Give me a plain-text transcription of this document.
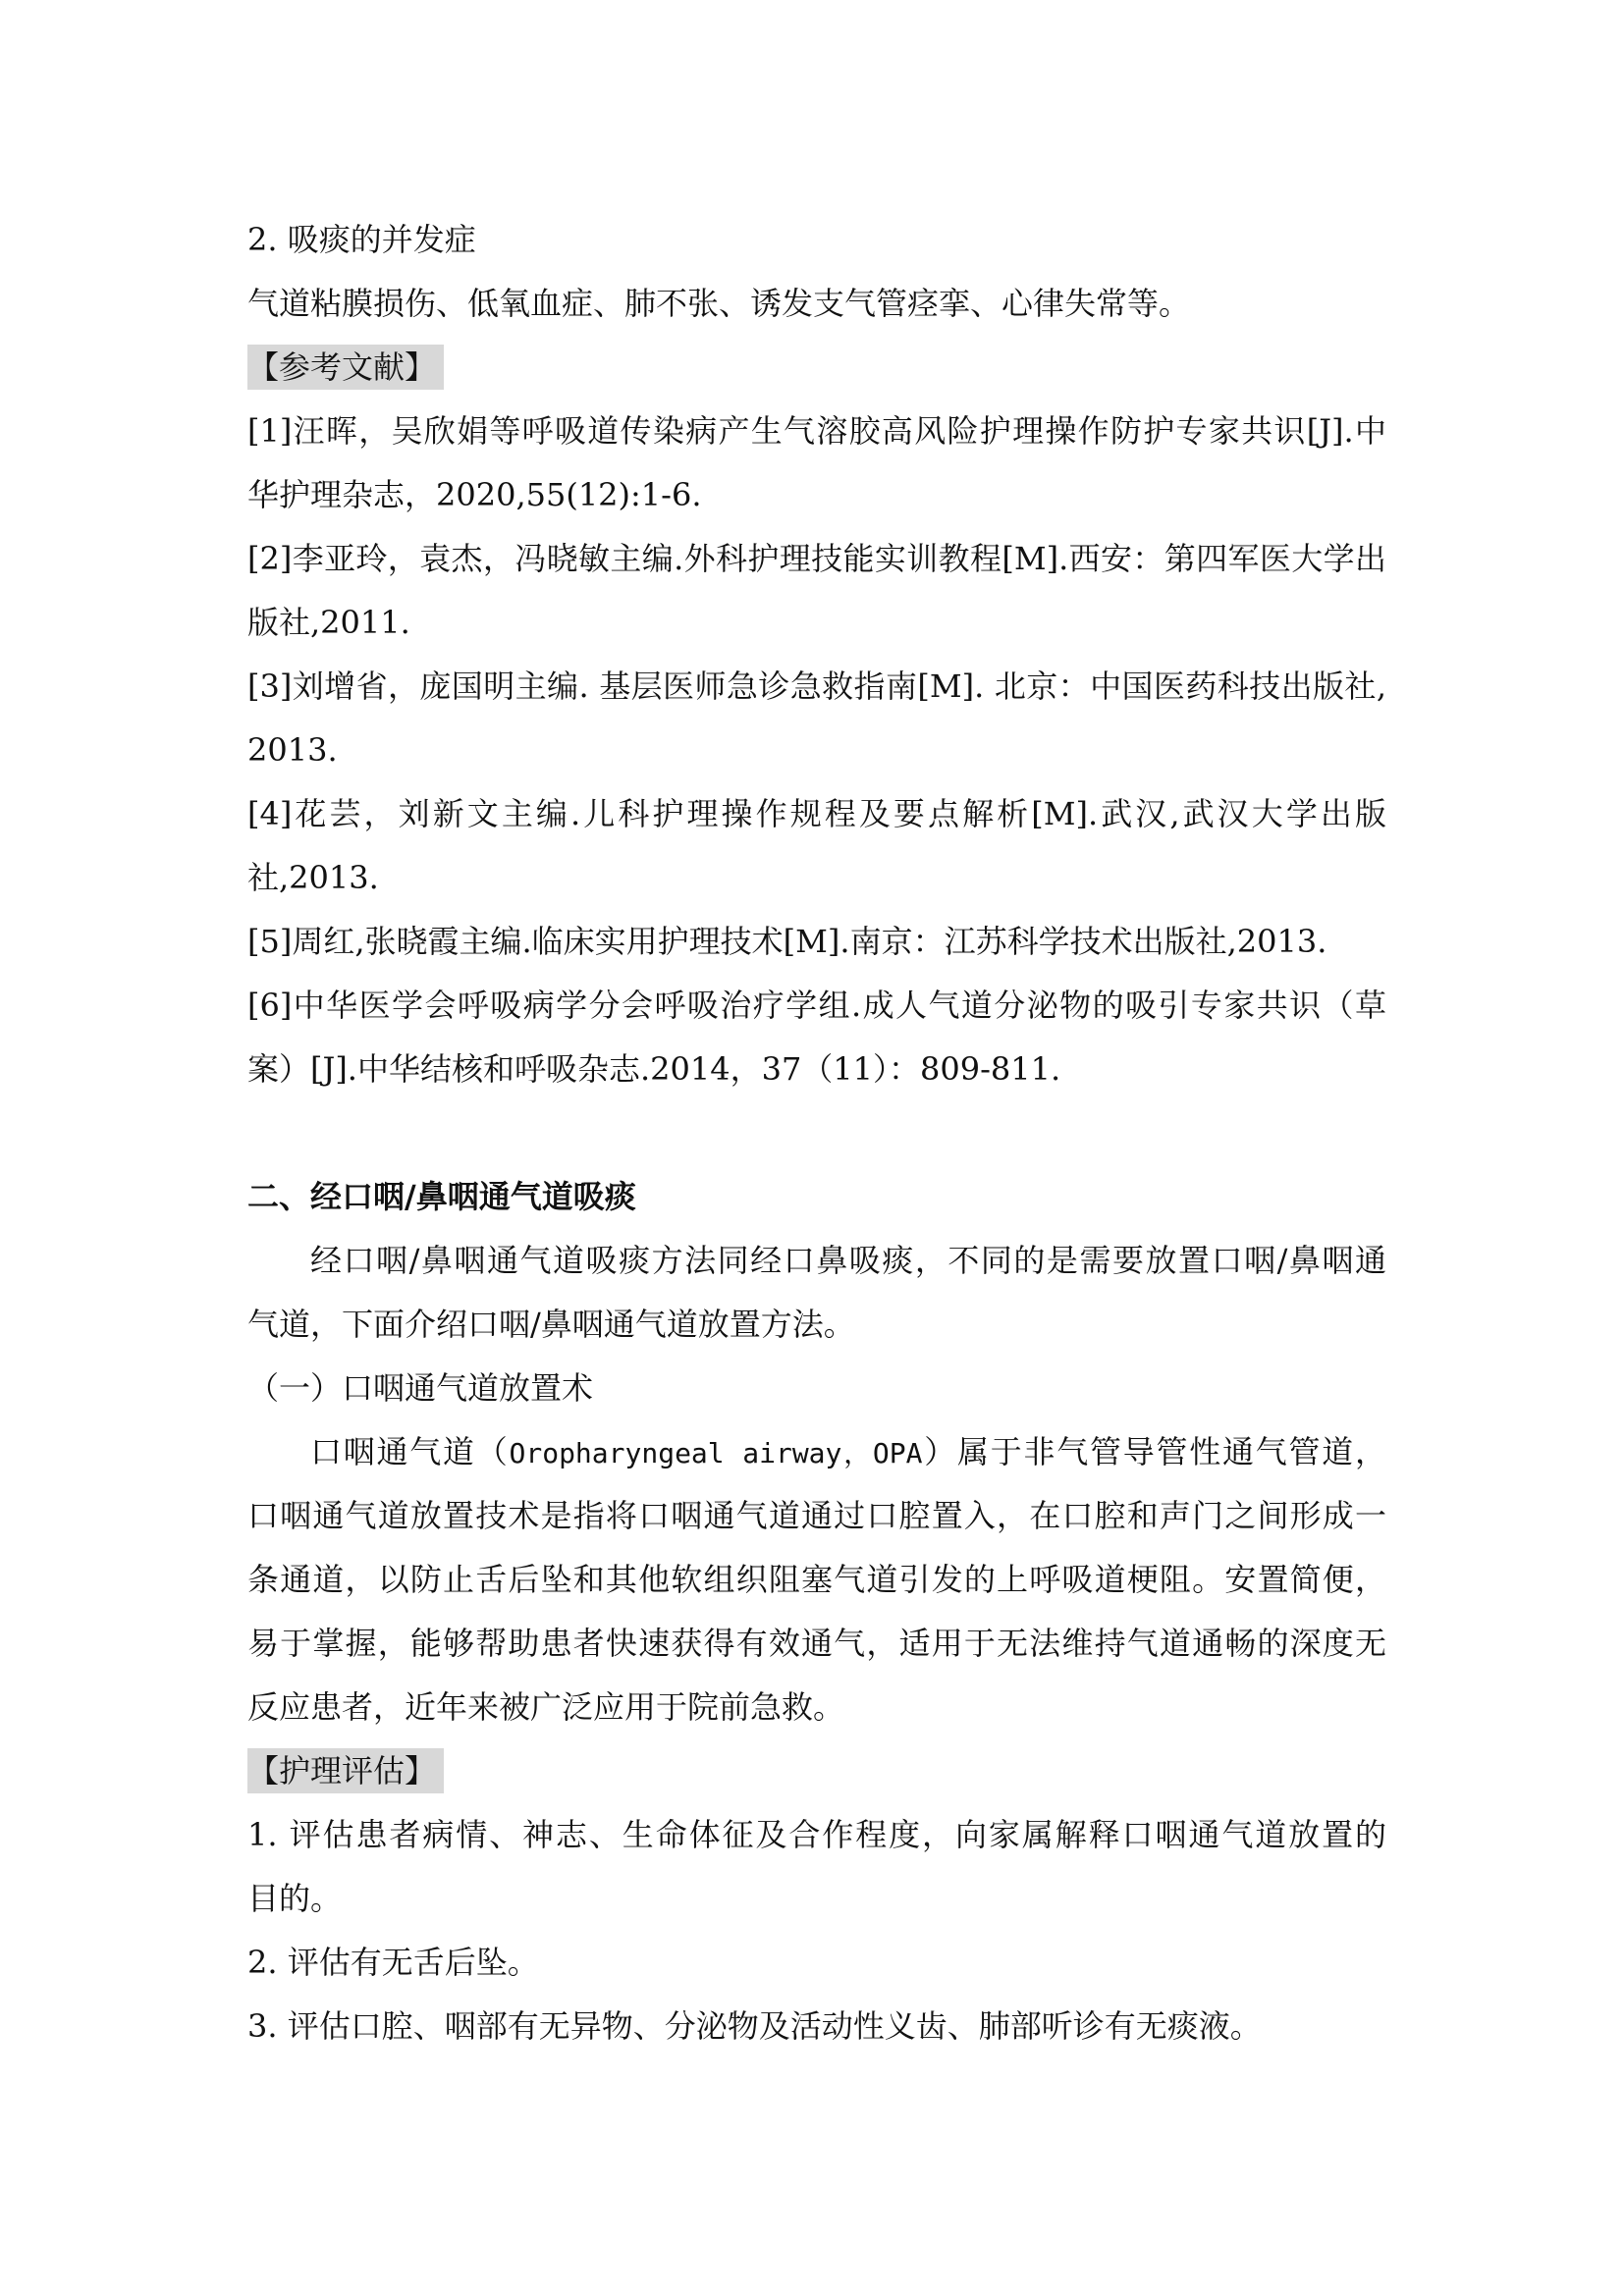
2. 吸痰的并发症

气道粘膜损伤、低氧血症、肺不张、诱发支气管痉挛、心律失常等。

【参考文献】

[1]汪晖，吴欣娟等呼吸道传染病产生气溶胶高风险护理操作防护专家共识[J].中

华护理杂志，2020,55(12):1-6.

[2]李亚玲，袁杰，冯晓敏主编.外科护理技能实训教程[M].西安：第四军医大学出

版社,2011.

[3]刘增省，庞国明主编. 基层医师急诊急救指南[M]. 北京：中国医药科技出版社,

2013.

[4]花芸，刘新文主编.儿科护理操作规程及要点解析[M].武汉,武汉大学出版

社,2013.

[5]周红,张晓霞主编.临床实用护理技术[M].南京：江苏科学技术出版社,2013.

[6]中华医学会呼吸病学分会呼吸治疗学组.成人气道分泌物的吸引专家共识（草

案）[J].中华结核和呼吸杂志.2014，37（11）：809-811.

二、经口咽/鼻咽通气道吸痰

经口咽/鼻咽通气道吸痰方法同经口鼻吸痰，不同的是需要放置口咽/鼻咽通

气道，下面介绍口咽/鼻咽通气道放置方法。

（一）口咽通气道放置术

口咽通气道（Oropharyngeal airway，OPA）属于非气管导管性通气管道，

口咽通气道放置技术是指将口咽通气道通过口腔置入，在口腔和声门之间形成一

条通道，以防止舌后坠和其他软组织阻塞气道引发的上呼吸道梗阻。安置简便，

易于掌握，能够帮助患者快速获得有效通气，适用于无法维持气道通畅的深度无

反应患者，近年来被广泛应用于院前急救。

【护理评估】

1. 评估患者病情、神志、生命体征及合作程度，向家属解释口咽通气道放置的

目的。

2. 评估有无舌后坠。

3. 评估口腔、咽部有无异物、分泌物及活动性义齿、肺部听诊有无痰液。
